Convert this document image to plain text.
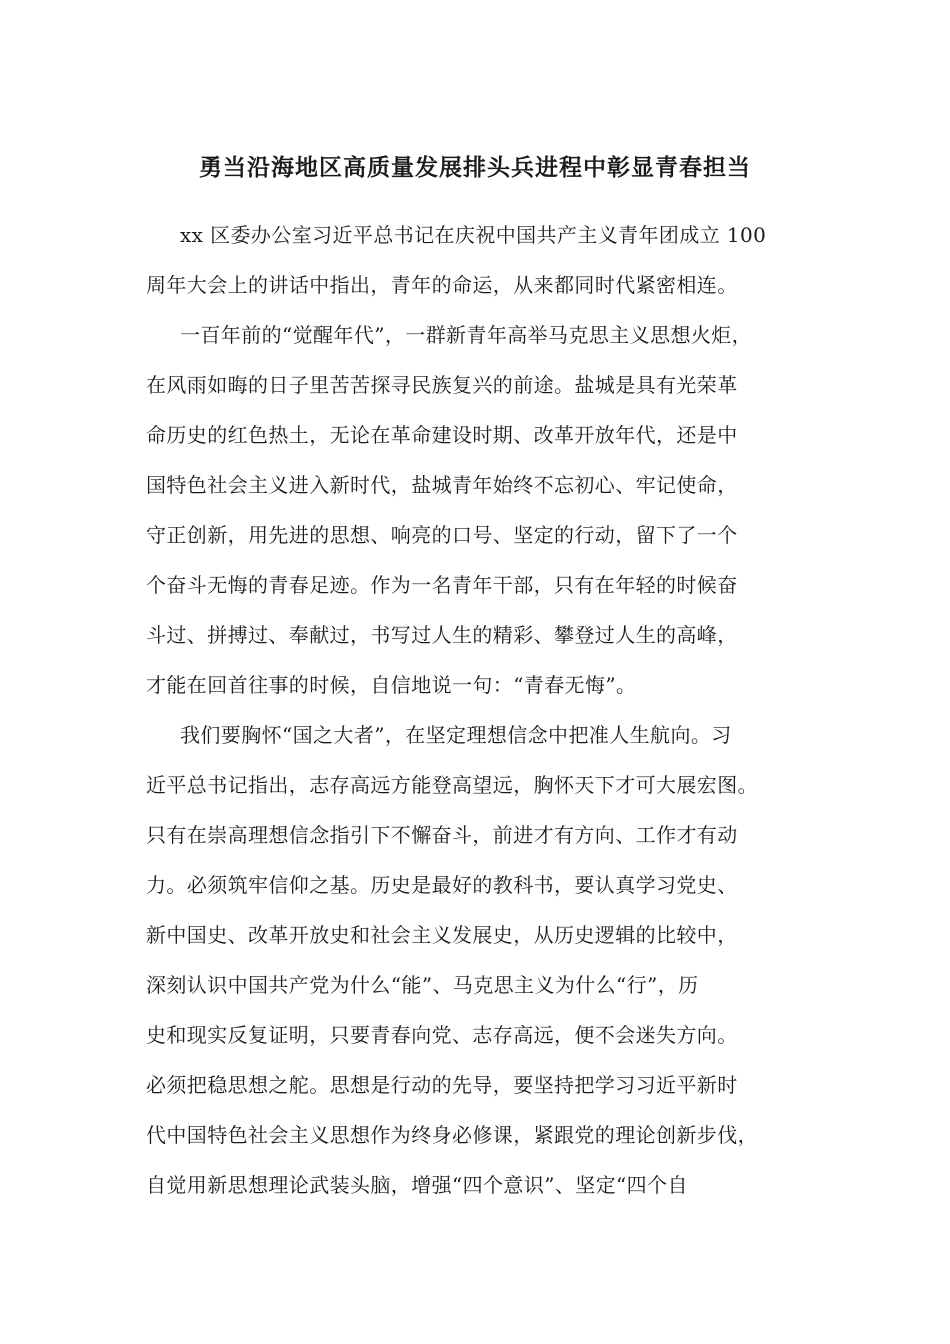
勇当沿海地区高质量发展排头兵进程中彰显青春担当
xx 区委办公室习近平总书记在庆祝中国共产主义青年团成立 100
周年大会上的讲话中指出，青年的命运，从来都同时代紧密相连。
一百年前的“觉醒年代”，一群新青年高举马克思主义思想火炬，
在风雨如晦的日子里苦苦探寻民族复兴的前途。盐城是具有光荣革
命历史的红色热土，无论在革命建设时期、改革开放年代，还是中
国特色社会主义进入新时代，盐城青年始终不忘初心、牢记使命，
守正创新，用先进的思想、响亮的口号、坚定的行动，留下了一个
个奋斗无悔的青春足迹。作为一名青年干部，只有在年轻的时候奋
斗过、拼搏过、奉献过，书写过人生的精彩、攀登过人生的高峰，
才能在回首往事的时候，自信地说一句：“青春无悔”。
我们要胸怀“国之大者”，在坚定理想信念中把准人生航向。习
近平总书记指出，志存高远方能登高望远，胸怀天下才可大展宏图。
只有在崇高理想信念指引下不懈奋斗，前进才有方向、工作才有动
力。必须筑牢信仰之基。历史是最好的教科书，要认真学习党史、
新中国史、改革开放史和社会主义发展史，从历史逻辑的比较中，
深刻认识中国共产党为什么“能”、马克思主义为什么“行”，历
史和现实反复证明，只要青春向党、志存高远，便不会迷失方向。
必须把稳思想之舵。思想是行动的先导，要坚持把学习习近平新时
代中国特色社会主义思想作为终身必修课，紧跟党的理论创新步伐，
自觉用新思想理论武装头脑，增强“四个意识”、坚定“四个自
